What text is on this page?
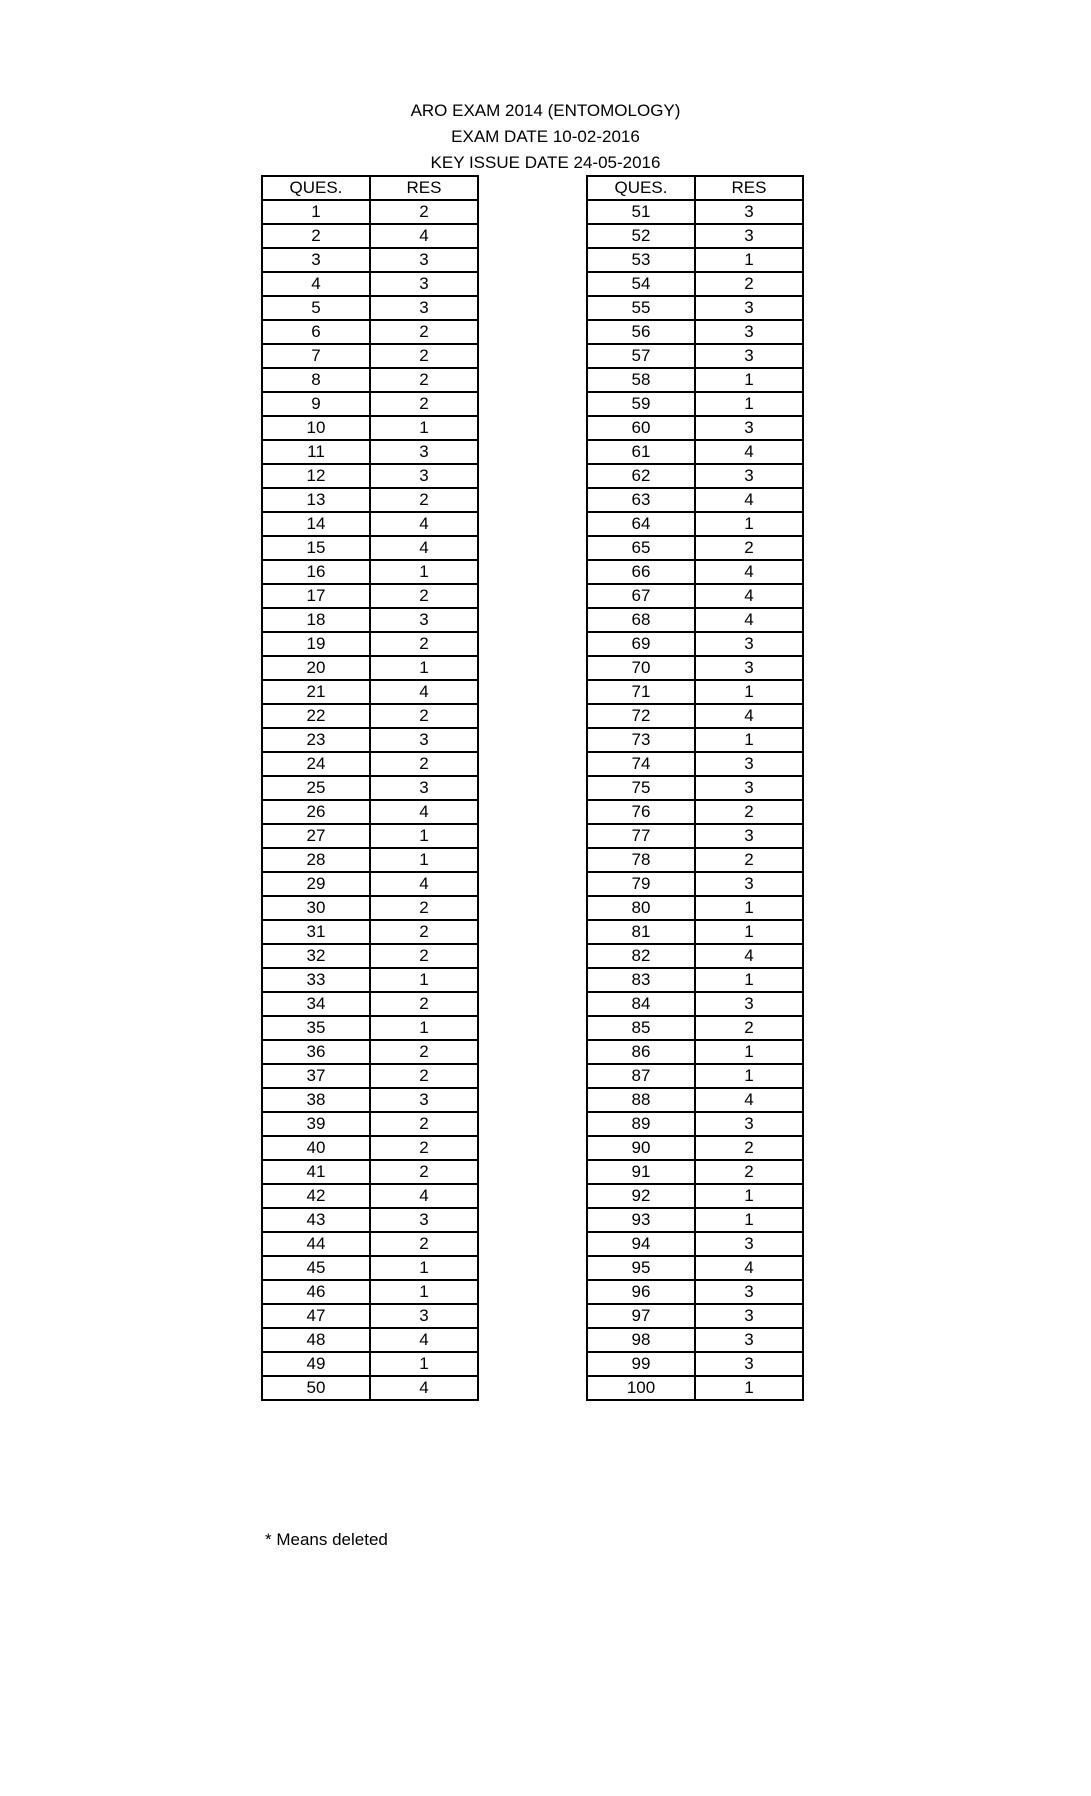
ARO EXAM 2014 (ENTOMOLOGY)
EXAM DATE 10-02-2016
KEY ISSUE DATE 24-05-2016
QUES.	RES
1	2
2	4
3	3
4	3
5	3
6	2
7	2
8	2
9	2
10	1
11	3
12	3
13	2
14	4
15	4
16	1
17	2
18	3
19	2
20	1
21	4
22	2
23	3
24	2
25	3
26	4
27	1
28	1
29	4
30	2
31	2
32	2
33	1
34	2
35	1
36	2
37	2
38	3
39	2
40	2
41	2
42	4
43	3
44	2
45	1
46	1
47	3
48	4
49	1
50	4
QUES.	RES
51	3
52	3
53	1
54	2
55	3
56	3
57	3
58	1
59	1
60	3
61	4
62	3
63	4
64	1
65	2
66	4
67	4
68	4
69	3
70	3
71	1
72	4
73	1
74	3
75	3
76	2
77	3
78	2
79	3
80	1
81	1
82	4
83	1
84	3
85	2
86	1
87	1
88	4
89	3
90	2
91	2
92	1
93	1
94	3
95	4
96	3
97	3
98	3
99	3
100	1
* Means deleted
